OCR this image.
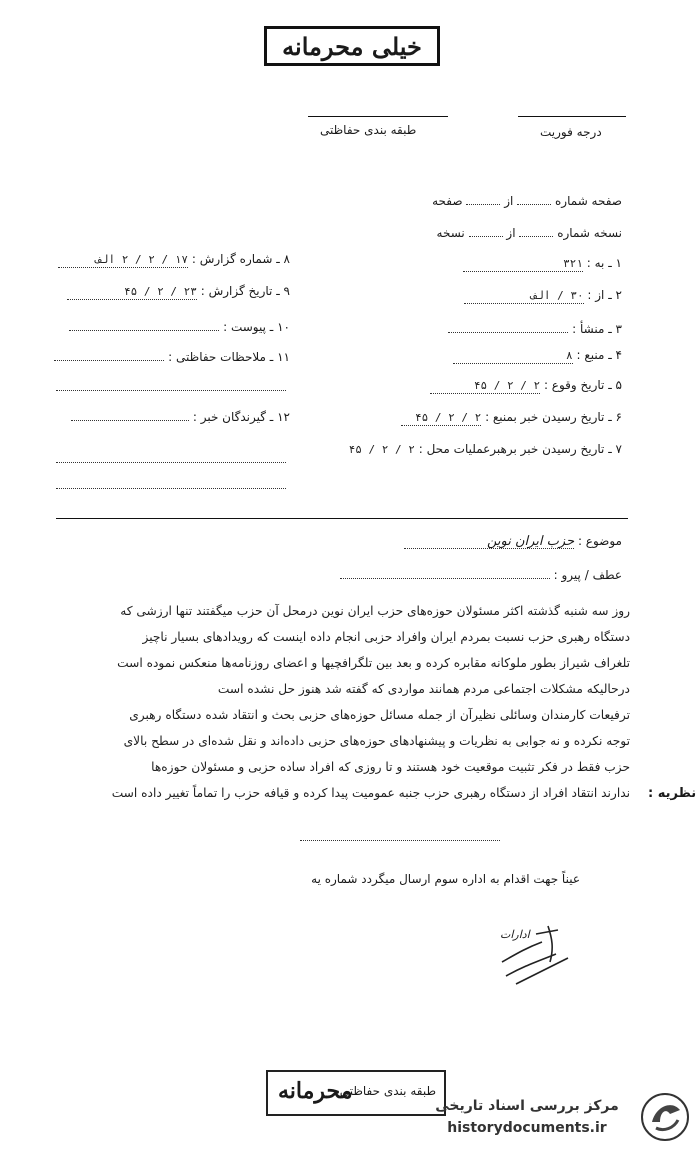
خیلی محرمانه
طبقه بندی حفاظتی	درجه فوریت
صفحه شماره  از  صفحه
نسخه شماره  از  نسخه
۱ ـ به : ۳۲۱
۲ ـ از : ۳۰ / الف
۳ ـ منشأ :
۴ ـ منبع : ۸
۵ ـ تاریخ وقوع : ۲ / ۲ / ۴۵
۶ ـ تاریخ رسیدن خبر بمنبع : ۲ / ۲ / ۴۵
۷ ـ تاریخ رسیدن خبر برهبرعملیات محل : ۲ / ۲ / ۴۵
۸ ـ شماره گزارش : ۱۷ / ۲ / ۲ الف
۹ ـ تاریخ گزارش : ۲۳ / ۲ / ۴۵
۱۰ ـ پیوست :
۱۱ ـ ملاحظات حفاظتی :
۱۲ ـ گیرندگان خبر :
موضوع : حزب ایران نوین
عطف / پیرو :
روز سه شنبه گذشته اکثر مسئولان حوزه‌های حزب ایران نوین درمحل آن حزب میگفتند تنها ارزشی که
دستگاه رهبری حزب نسبت بمردم ایران وافراد حزبی انجام داده اینست که رویدادهای بسیار ناچیز
تلغراف شیراز بطور ملوکانه مقابره کرده و بعد بین تلگرافچیها و اعضای روزنامه‌ها منعکس نموده است
درحالیکه مشکلات اجتماعی مردم همانند مواردی که گفته شد هنوز حل نشده است
ترفیعات کارمندان وسائلی نظیرآن از جمله مسائل حوزه‌های حزبی بحث و انتقاد شده دستگاه رهبری
توجه نکرده و نه جوابی به نظریات و پیشنهادهای حوزه‌های حزبی داده‌اند و نقل شده‌ای در سطح بالای
حزب فقط در فکر تثبیت موقعیت خود هستند و تا روزی که افراد ساده حزبی و مسئولان حوزه‌ها
ندارند انتقاد افراد از دستگاه رهبری حزب جنبه عمومیت پیدا کرده و قیافه حزب را تماماً تغییر داده است نظریه :
عیناً جهت اقدام به اداره سوم ارسال میگردد شماره یه
ادارات
طبقه بندی حفاظتی
محرمانه
مرکز بررسی اسناد تاریخی
historydocuments.ir
